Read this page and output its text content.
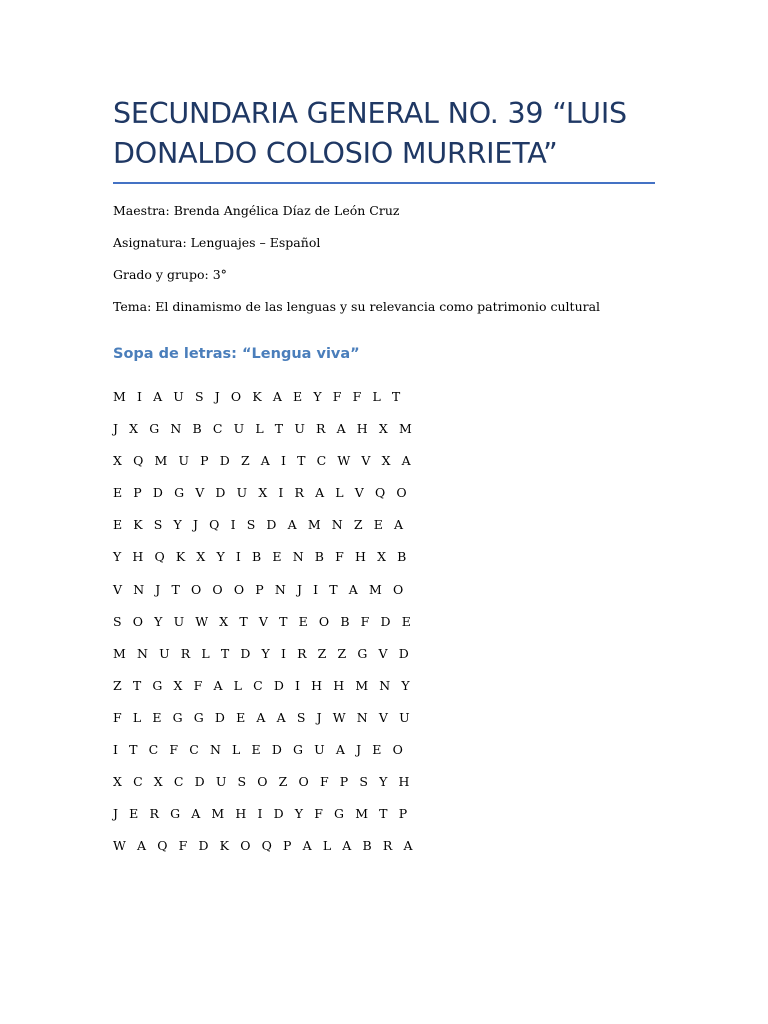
SECUNDARIA GENERAL NO. 39 “LUIS DONALDO COLOSIO MURRIETA”
Maestra: Brenda Angélica Díaz de León Cruz
Asignatura: Lenguajes – Español
Grado y grupo: 3°
Tema: El dinamismo de las lenguas y su relevancia como patrimonio cultural
Sopa de letras: “Lengua viva”
M I A U S J O K A E Y F F L T
J X G N B C U L T U R A H X M
X Q M U P D Z A I T C W V X A
E P D G V D U X I R A L V Q O
E K S Y J Q I S D A M N Z E A
Y H Q K X Y I B E N B F H X B
V N J T O O O P N J I T A M O
S O Y U W X T V T E O B F D E
M N U R L T D Y I R Z Z G V D
Z T G X F A L C D I H H M N Y
F L E G G D E A A S J W N V U
I T C F C N L E D G U A J E O
X C X C D U S O Z O F P S Y H
J E R G A M H I D Y F G M T P
W A Q F D K O Q P A L A B R A
